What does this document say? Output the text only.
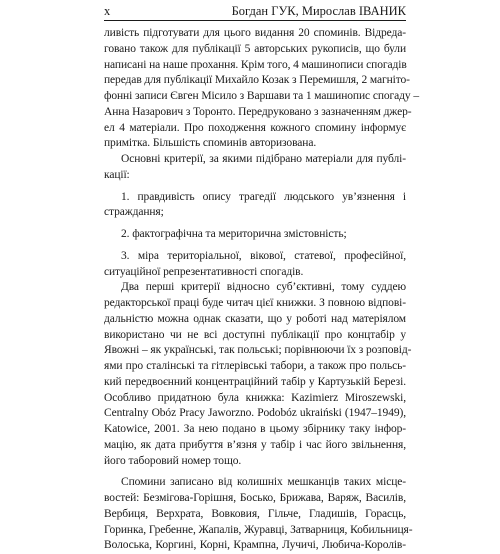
x	Богдан ГУК, Мирослав ІВАНИК
ливість підготувати для цього видання 20 споминів. Відреда-
говано також для публікації 5 авторських рукописів, що були
написані на наше прохання. Крім того, 4 машинописи спогадів
передав для публікації Михайло Козак з Перемишля, 2 магніто-
фонні записи Євген Місило з Варшави та 1 машинопис спогаду –
Анна Назарович з Торонто. Передруковано з зазначенням джер-
ел 4 матеріали. Про походження кожного спомину інформує
примітка. Більшість споминів авторизована.
Основні критерії, за якими підібрано матеріали для публі-
кації:
1. правдивість опису трагедії людського ув’язнення і
страждання;
2. фактографічна та мериторична змістовність;
3. міра територіальної, вікової, статевої, професійної,
ситуаційної репрезентативності спогадів.
Два перші критерії відносно суб’єктивні, тому суддею
редакторської праці буде читач цієї книжки. З повною відпові-
дальністю можна однак сказати, що у роботі над матеріялом
використано чи не всі доступні публікації про концтабір у
Явожні – як українські, так польські; порівнюючи їх з розповід-
ями про сталінські та гітлерівські табори, а також про польсь-
кий передвоєнний концентраційний табір у Картузькій Березі.
Особливо придатною була книжка: Kazimierz Miroszewski,
Centralny Obóz Pracy Jaworzno. Podobóz ukraiński (1947–1949),
Katowice, 2001. За нею подано в цьому збірнику таку інфор-
мацію, як дата прибуття в’язня у табір і час його звільнення,
його таборовий номер тощо.
Спомини записано від колишніх мешканців таких місце-
востей: Безмігова-Горішня, Босько, Брижава, Варяж, Василів,
Вербиця, Верхрата, Вовковия, Гільче, Гладишів, Горасць,
Горинка, Гребенне, Жапалів, Журавці, Затварниця, Кобильниця-
Волоська, Коргині, Корні, Крампна, Лучичі, Любича-Королів-
